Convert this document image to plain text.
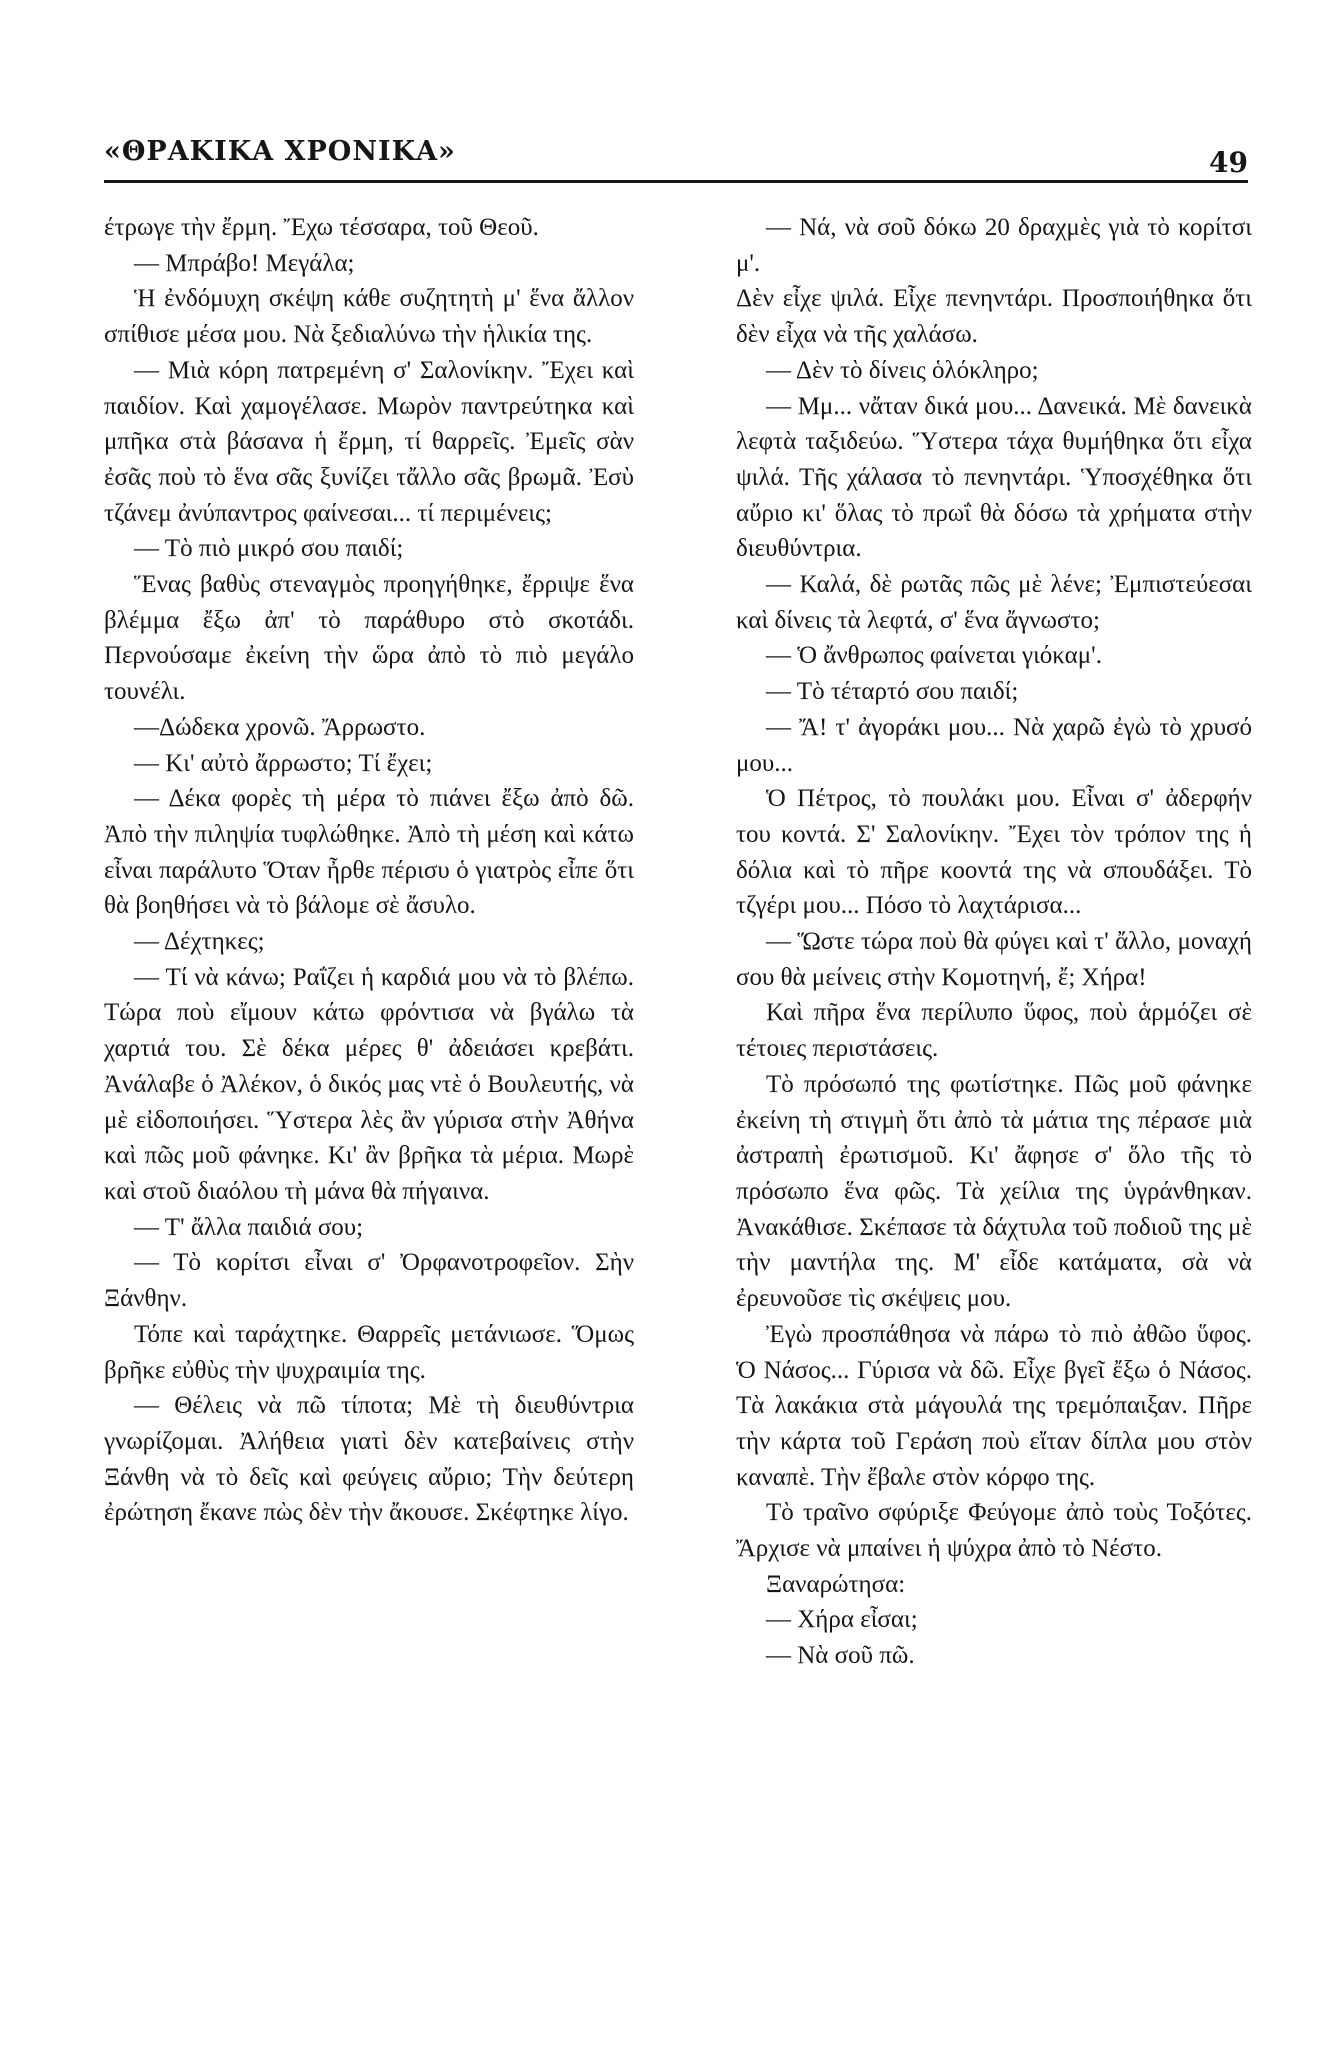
«ΘΡΑΚΙΚΑ ΧΡΟΝΙΚΑ»	49

έτρωγε τὴν ἔρμη. Ἔχω τέσσαρα, τοῦ Θεοῦ.

— Μπράβο! Μεγάλα;

Ἡ ἐνδόμυχη σκέψη κάθε συζητητὴ μ' ἕνα ἄλλον σπίθισε μέσα μου. Νὰ ξεδιαλύνω τὴν ἡλικία της.

— Μιὰ κόρη πατρεμένη σ' Σαλονίκην. Ἔχει καὶ παιδίον. Καὶ χαμογέλασε. Μωρὸν παντρεύτηκα καὶ μπῆκα στὰ βάσανα ἡ ἔρμη, τί θαρρεῖς. Ἐμεῖς σὰν ἐσᾶς ποὺ τὸ ἕνα σᾶς ξυνίζει τἄλλο σᾶς βρωμᾶ. Ἐσὺ τζάνεμ ἀνύπαντρος φαίνεσαι... τί περιμένεις;

— Τὸ πιὸ μικρό σου παιδί;

Ἕνας βαθὺς στεναγμὸς προηγήθηκε, ἔρριψε ἕνα βλέμμα ἔξω ἀπ' τὸ παράθυρο στὸ σκοτάδι. Περνούσαμε ἐκείνη τὴν ὥρα ἀπὸ τὸ πιὸ μεγάλο τουνέλι.

—Δώδεκα χρονῶ. Ἄρρωστο.

— Κι' αὐτὸ ἄρρωστο; Τί ἔχει;

— Δέκα φορὲς τὴ μέρα τὸ πιάνει ἔξω ἀπὸ δῶ. Ἀπὸ τὴν πιληψία τυφλώθηκε. Ἀπὸ τὴ μέση καὶ κάτω εἶναι παράλυτο Ὅταν ἦρθε πέρισυ ὁ γιατρὸς εἶπε ὅτι θὰ βοηθήσει νὰ τὸ βάλομε σὲ ἄσυλο.

— Δέχτηκες;

— Τί νὰ κάνω; Ραΐζει ἡ καρδιά μου νὰ τὸ βλέπω. Τώρα ποὺ εἴμουν κάτω φρόντισα νὰ βγάλω τὰ χαρτιά του. Σὲ δέκα μέρες θ' ἀδειάσει κρεβάτι. Ἀνάλαβε ὁ Ἀλέκον, ὁ δικός μας ντὲ ὁ Βουλευτής, νὰ μὲ εἰδοποιήσει. Ὕστερα λὲς ἂν γύρισα στὴν Ἀθήνα καὶ πῶς μοῦ φάνηκε. Κι' ἂν βρῆκα τὰ μέρια. Μωρὲ καὶ στοῦ διαόλου τὴ μάνα θὰ πήγαινα.

— Τ' ἄλλα παιδιά σου;

— Τὸ κορίτσι εἶναι σ' Ὀρφανοτροφεῖον. Σὴν Ξάνθην.

Τόπε καὶ ταράχτηκε. Θαρρεῖς μετάνιωσε. Ὅμως βρῆκε εὐθὺς τὴν ψυχραιμία της.

— Θέλεις νὰ πῶ τίποτα; Μὲ τὴ διευθύντρια γνωρίζομαι. Ἀλήθεια γιατὶ δὲν κατεβαίνεις στὴν Ξάνθη νὰ τὸ δεῖς καὶ φεύγεις αὔριο; Τὴν δεύτερη ἐρώτηση ἔκανε πὼς δὲν τὴν ἄκουσε. Σκέφτηκε λίγο.

— Νά, νὰ σοῦ δόκω 20 δραχμὲς γιὰ τὸ κορίτσι μ'.

Δὲν εἶχε ψιλά. Εἶχε πενηντάρι. Προσποιήθηκα ὅτι δὲν εἶχα νὰ τῆς χαλάσω.

— Δὲν τὸ δίνεις ὁλόκληρο;

— Μμ... νἄταν δικά μου... Δανεικά. Μὲ δανεικὰ λεφτὰ ταξιδεύω. Ὕστερα τάχα θυμήθηκα ὅτι εἶχα ψιλά. Τῆς χάλασα τὸ πενηντάρι. Ὑποσχέθηκα ὅτι αὔριο κι' ὅλας τὸ πρωΐ θὰ δόσω τὰ χρήματα στὴν διευθύντρια.

— Καλά, δὲ ρωτᾶς πῶς μὲ λένε; Ἐμπιστεύεσαι καὶ δίνεις τὰ λεφτά, σ' ἕνα ἄγνωστο;

— Ὁ ἄνθρωπος φαίνεται γιόκαμ'.

— Τὸ τέταρτό σου παιδί;

— Ἄ! τ' ἀγοράκι μου... Νὰ χαρῶ ἐγὼ τὸ χρυσό μου...

Ὁ Πέτρος, τὸ πουλάκι μου. Εἶναι σ' ἀδερφήν του κοντά. Σ' Σαλονίκην. Ἔχει τὸν τρόπον της ἡ δόλια καὶ τὸ πῆρε κοοντά της νὰ σπουδάξει. Τὸ τζγέρι μου... Πόσο τὸ λαχτάρισα...

— Ὥστε τώρα ποὺ θὰ φύγει καὶ τ' ἄλλο, μοναχή σου θὰ μείνεις στὴν Κομοτηνή, ἔ; Χήρα!

Καὶ πῆρα ἕνα περίλυπο ὕφος, ποὺ ἁρμόζει σὲ τέτοιες περιστάσεις.

Τὸ πρόσωπό της φωτίστηκε. Πῶς μοῦ φάνηκε ἐκείνη τὴ στιγμὴ ὅτι ἀπὸ τὰ μάτια της πέρασε μιὰ ἀστραπὴ ἐρωτισμοῦ. Κι' ἄφησε σ' ὅλο τῆς τὸ πρόσωπο ἕνα φῶς. Τὰ χείλια της ὑγράνθηκαν. Ἀνακάθισε. Σκέπασε τὰ δάχτυλα τοῦ ποδιοῦ της μὲ τὴν μαντήλα της. Μ' εἶδε κατάματα, σὰ νὰ ἐρευνοῦσε τὶς σκέψεις μου.

Ἐγὼ προσπάθησα νὰ πάρω τὸ πιὸ ἀθῶο ὕφος. Ὁ Νάσος... Γύρισα νὰ δῶ. Εἶχε βγεῖ ἔξω ὁ Νάσος. Τὰ λακάκια στὰ μάγουλά της τρεμόπαιξαν. Πῆρε τὴν κάρτα τοῦ Γεράση ποὺ εἴταν δίπλα μου στὸν καναπὲ. Τὴν ἔβαλε στὸν κόρφο της.

Τὸ τραῖνο σφύριξε Φεύγομε ἀπὸ τοὺς Τοξότες. Ἄρχισε νὰ μπαίνει ἡ ψύχρα ἀπὸ τὸ Νέστο.

Ξαναρώτησα:

— Χήρα εἶσαι;

— Νὰ σοῦ πῶ.
